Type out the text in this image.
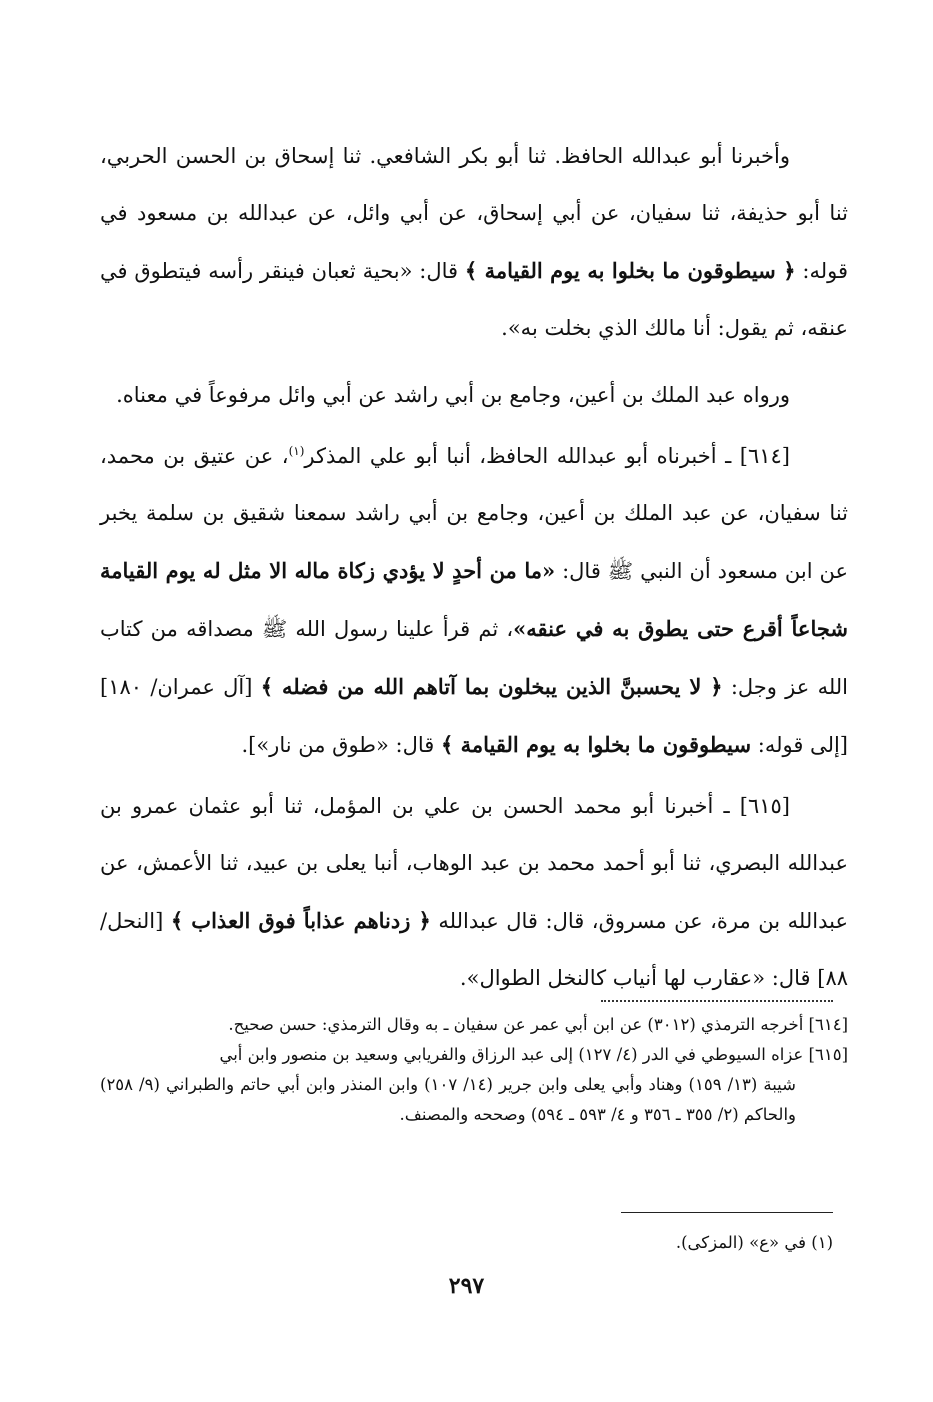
وأخبرنا أبو عبدالله الحافظ. ثنا أبو بكر الشافعي. ثنا إسحاق بن الحسن الحربي، ثنا أبو حذيفة، ثنا سفيان، عن أبي إسحاق، عن أبي وائل، عن عبدالله بن مسعود في قوله: ﴿ سيطوقون ما بخلوا به يوم القيامة ﴾ قال: «بحية ثعبان فينقر رأسه فيتطوق في عنقه، ثم يقول: أنا مالك الذي بخلت به».

ورواه عبد الملك بن أعين، وجامع بن أبي راشد عن أبي وائل مرفوعاً في معناه.

[٦١٤] ـ أخبرناه أبو عبدالله الحافظ، أنبا أبو علي المذكر$^{(١)}$، عن عتيق بن محمد، ثنا سفيان، عن عبد الملك بن أعين، وجامع بن أبي راشد سمعنا شقيق بن سلمة يخبر عن ابن مسعود أن النبي ﷺ قال: «ما من أحدٍ لا يؤدي زكاة ماله الا مثل له يوم القيامة شجاعاً أقرع حتى يطوق به في عنقه»، ثم قرأ علينا رسول الله ﷺ مصداقه من كتاب الله عز وجل: ﴿ لا يحسبنَّ الذين يبخلون بما آتاهم الله من فضله ﴾ [آل عمران/ ١٨٠] [إلى قوله: سيطوقون ما بخلوا به يوم القيامة ﴾ قال: «طوق من نار»].

[٦١٥] ـ أخبرنا أبو محمد الحسن بن علي بن المؤمل، ثنا أبو عثمان عمرو بن عبدالله البصري، ثنا أبو أحمد محمد بن عبد الوهاب، أنبا يعلى بن عبيد، ثنا الأعمش، عن عبدالله بن مرة، عن مسروق، قال: قال عبدالله ﴿ زدناهم عذاباً فوق العذاب ﴾ [النحل/ ٨٨] قال: «عقارب لها أنياب كالنخل الطوال».

[٦١٤] أخرجه الترمذي (٣٠١٢) عن ابن أبي عمر عن سفيان ـ به وقال الترمذي: حسن صحيح.

[٦١٥] عزاه السيوطي في الدر (٤/ ١٢٧) إلى عبد الرزاق والفريابي وسعيد بن منصور وابن أبي
شيبة (١٣/ ١٥٩) وهناد وأبي يعلى وابن جرير (١٤/ ١٠٧) وابن المنذر وابن أبي حاتم والطبراني (٩/ ٢٥٨) والحاكم (٢/ ٣٥٥ ـ ٣٥٦ و ٤/ ٥٩٣ ـ ٥٩٤) وصححه والمصنف.

(١) في «ع» (المزكى).
٢٩٧
